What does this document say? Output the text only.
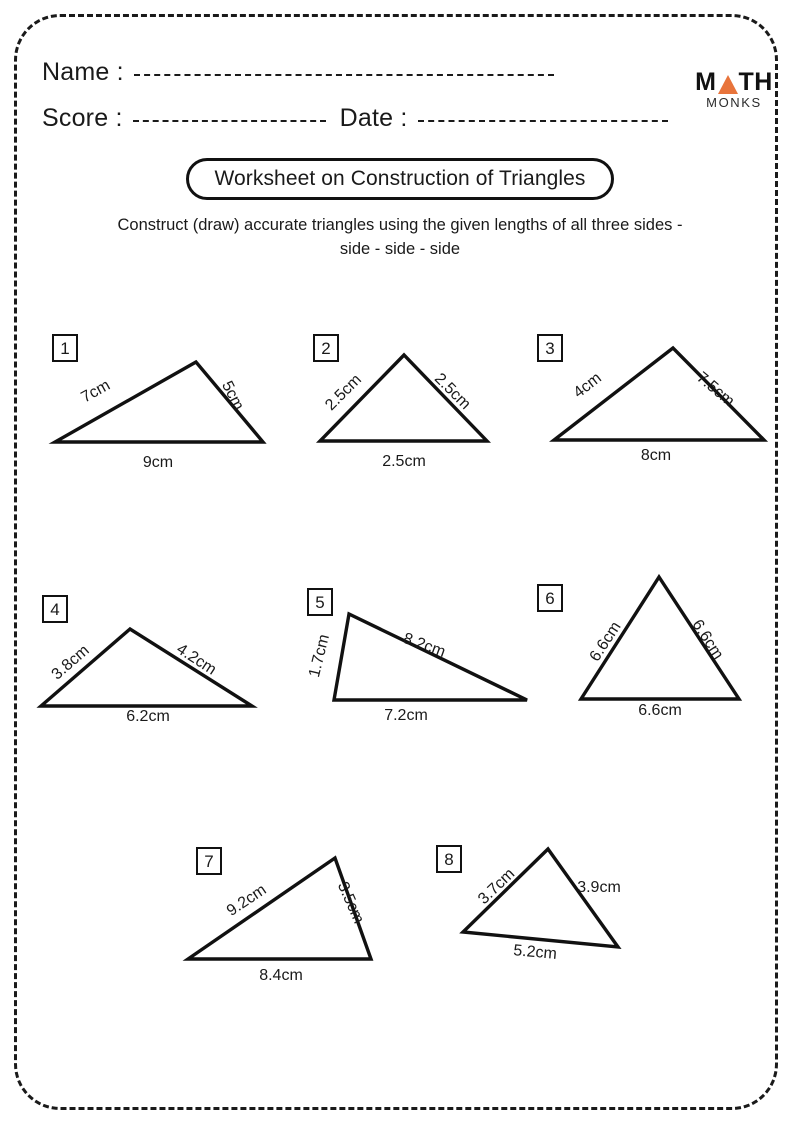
Name :
Score :	Date :
M TH
MONKS
Worksheet on Construction of Triangles
Construct (draw) accurate triangles using the given lengths of all three sides - side - side - side
1
7cm	5cm
9cm
2
2.5cm	2.5cm
2.5cm
3
4cm	7.5cm
8cm
4
3.8cm	4.2cm
6.2cm
5
1.7cm	8.2cm
7.2cm
6
6.6cm	6.6cm
6.6cm
7
9.2cm	3.5cm
8.4cm
8
3.7cm	3.9cm
5.2cm
